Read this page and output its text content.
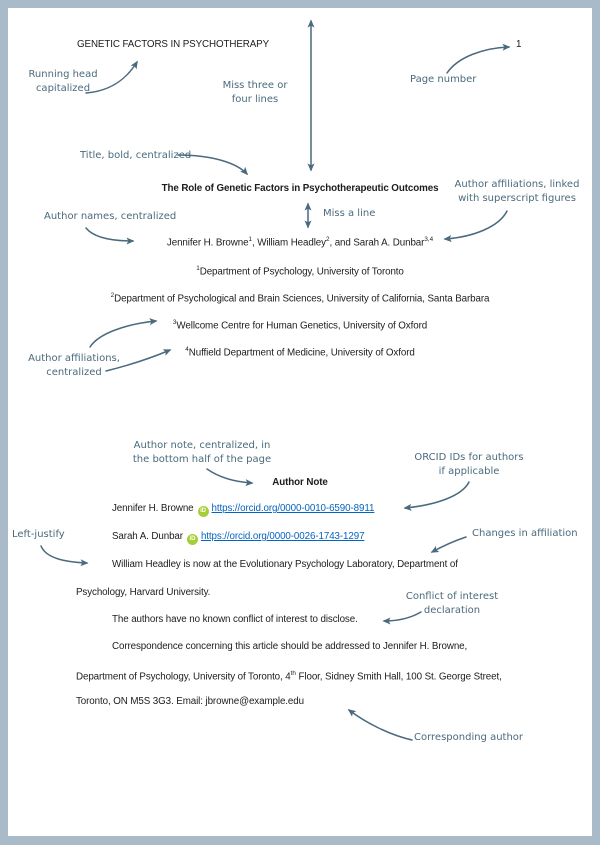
GENETIC FACTORS IN PSYCHOTHERAPY	1
The Role of Genetic Factors in Psychotherapeutic Outcomes
Jennifer H. Browne$^1$, William Headley$^2$, and Sarah A. Dunbar$^{3,4}$
$^1$Department of Psychology, University of Toronto
$^2$Department of Psychological and Brain Sciences, University of California, Santa Barbara
$^3$Wellcome Centre for Human Genetics, University of Oxford
$^4$Nuffield Department of Medicine, University of Oxford
Author Note
Jennifer H. Browne iD https://orcid.org/0000-0010-6590-8911
Sarah A. Dunbar iD https://orcid.org/0000-0026-1743-1297
William Headley is now at the Evolutionary Psychology Laboratory, Department of
Psychology, Harvard University.
The authors have no known conflict of interest to disclose.
Correspondence concerning this article should be addressed to Jennifer H. Browne,
Department of Psychology, University of Toronto, 4th Floor, Sidney Smith Hall, 100 St. George Street,
Toronto, ON M5S 3G3. Email: jbrowne@example.edu
Running head
capitalized
Page number
Miss three or
four lines
Title, bold, centralized
Miss a line
Author names, centralized
Author affiliations, linked
with superscript figures
Author affiliations,
centralized
Author note, centralized, in
the bottom half of the page	ORCID IDs for authors
if applicable
Left-justify	Changes in affiliation
Conflict of interest
declaration
Corresponding author
